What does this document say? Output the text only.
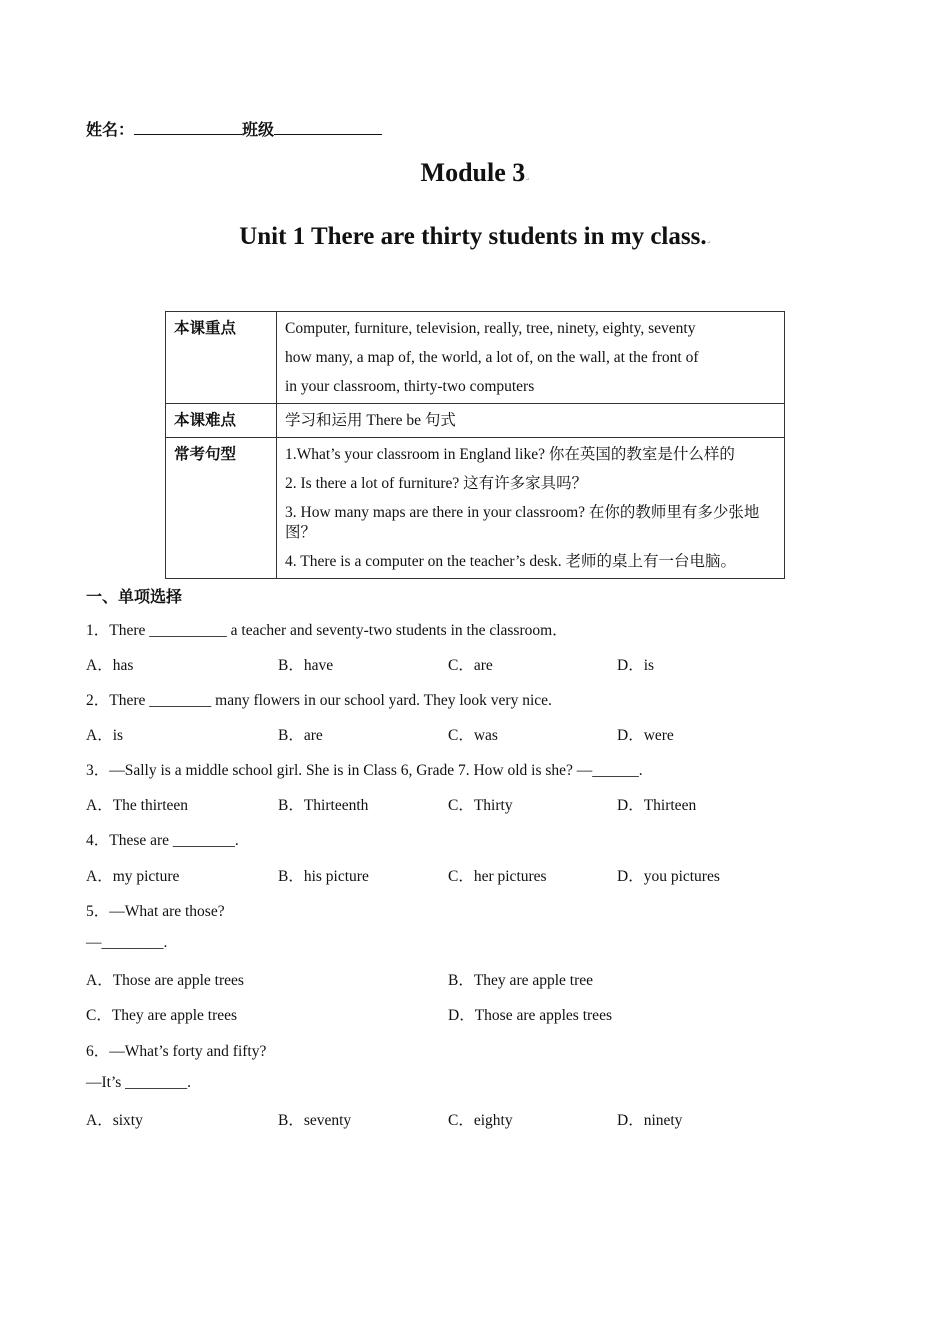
姓名：	班级
Module 3↵
Unit 1 There are thirty students in my class.↵
本课重点	Computer, furniture, television, really, tree, ninety, eighty, seventy
how many, a map of, the world, a lot of, on the wall, at the front of
in your classroom, thirty-two computers

本课难点	学习和运用 There be 句式

常考句型	1.What’s your classroom in England like? 你在英国的教室是什么样的
2. Is there a lot of furniture? 这有许多家具吗？
3. How many maps are there in your classroom? 在你的教师里有多少张地图？
4. There is a computer on the teacher’s desk. 老师的桌上有一台电脑。
一、单项选择
1．There __________ a teacher and seventy-two students in the classroom．
A．has	B．have	C．are	D．is
2．There ________ many flowers in our school yard. They look very nice.
A．is	B．are	C．was	D．were
3．—Sally is a middle school girl. She is in Class 6, Grade 7. How old is she? —______.
A．The thirteen	B．Thirteenth	C．Thirty	D．Thirteen
4．These are ________.
A．my picture	B．his picture	C．her pictures	D．you pictures
5．—What are those?
—________.
A．Those are apple trees	B．They are apple tree
C．They are apple trees	D．Those are apples trees
6．—What’s forty and fifty?
—It’s ________.
A．sixty	B．seventy	C．eighty	D．ninety
